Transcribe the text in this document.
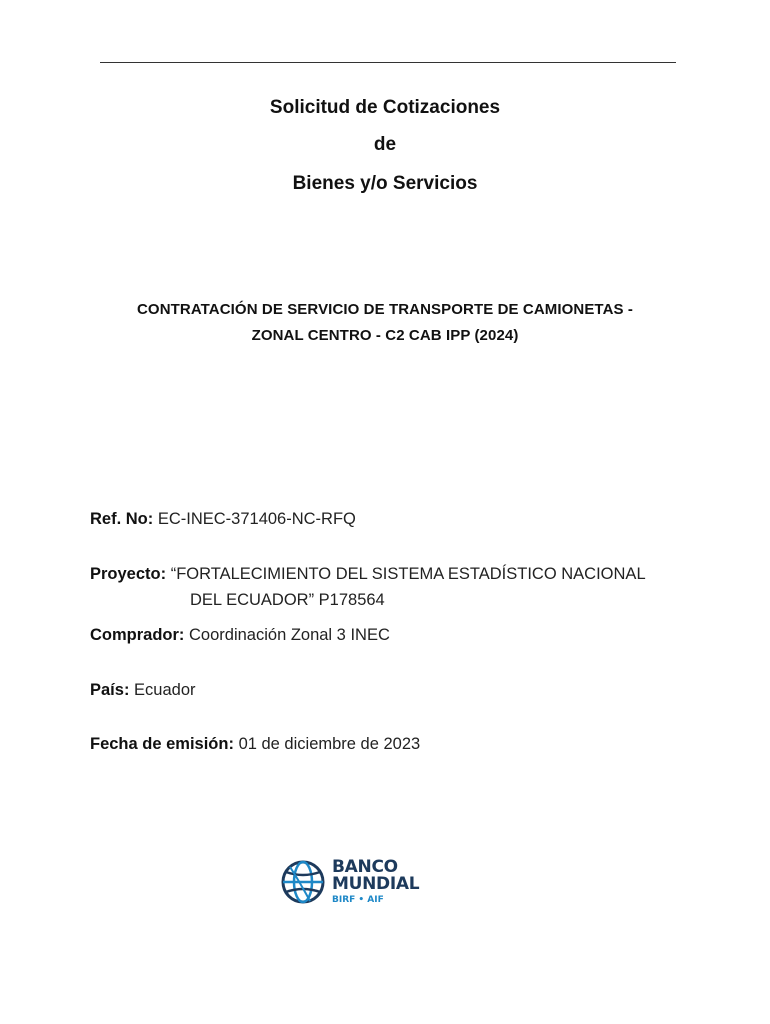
Solicitud de Cotizaciones
de
Bienes y/o Servicios
CONTRATACIÓN DE SERVICIO DE TRANSPORTE DE CAMIONETAS -
ZONAL CENTRO - C2 CAB IPP (2024)
Ref. No: EC-INEC-371406-NC-RFQ
Proyecto: “FORTALECIMIENTO DEL SISTEMA ESTADÍSTICO NACIONAL
DEL ECUADOR” P178564
Comprador: Coordinación Zonal 3 INEC
País: Ecuador
Fecha de emisión: 01 de diciembre de 2023
BANCO MUNDIAL
BIRF • AIF
